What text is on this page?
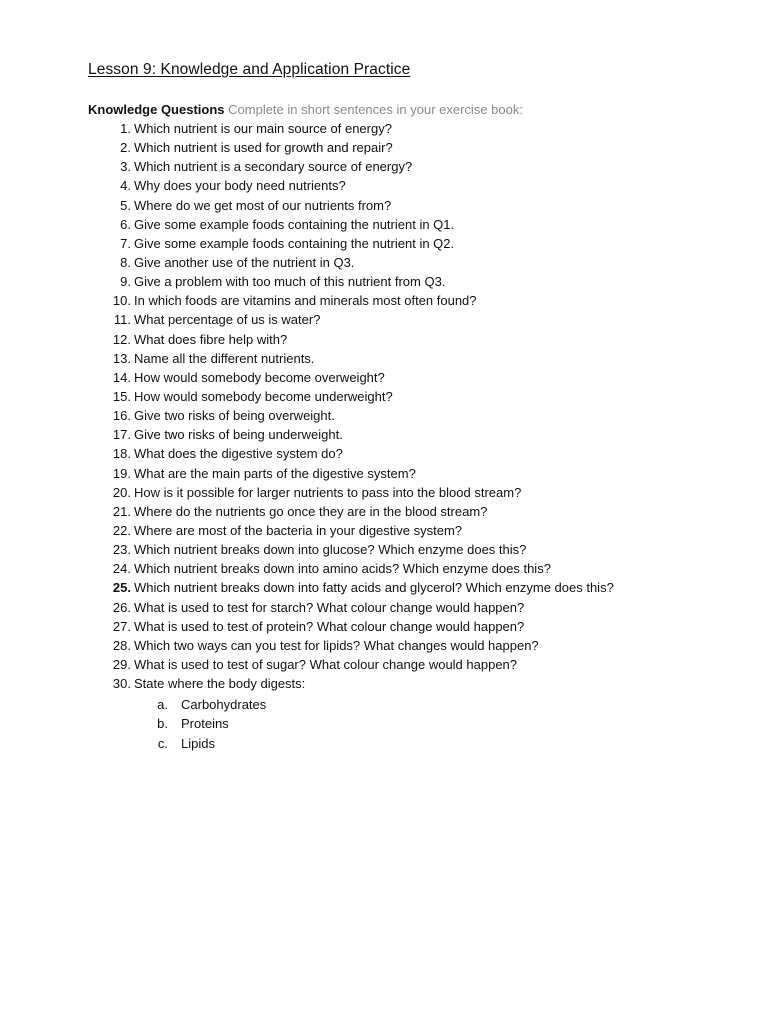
Lesson 9: Knowledge and Application Practice
Knowledge Questions Complete in short sentences in your exercise book:
1. Which nutrient is our main source of energy?
2. Which nutrient is used for growth and repair?
3. Which nutrient is a secondary source of energy?
4. Why does your body need nutrients?
5. Where do we get most of our nutrients from?
6. Give some example foods containing the nutrient in Q1.
7. Give some example foods containing the nutrient in Q2.
8. Give another use of the nutrient in Q3.
9. Give a problem with too much of this nutrient from Q3.
10. In which foods are vitamins and minerals most often found?
11. What percentage of us is water?
12. What does fibre help with?
13. Name all the different nutrients.
14. How would somebody become overweight?
15. How would somebody become underweight?
16. Give two risks of being overweight.
17. Give two risks of being underweight.
18. What does the digestive system do?
19. What are the main parts of the digestive system?
20. How is it possible for larger nutrients to pass into the blood stream?
21. Where do the nutrients go once they are in the blood stream?
22. Where are most of the bacteria in your digestive system?
23. Which nutrient breaks down into glucose? Which enzyme does this?
24. Which nutrient breaks down into amino acids? Which enzyme does this?
25. Which nutrient breaks down into fatty acids and glycerol? Which enzyme does this?
26. What is used to test for starch? What colour change would happen?
27. What is used to test of protein? What colour change would happen?
28. Which two ways can you test for lipids? What changes would happen?
29. What is used to test of sugar? What colour change would happen?
30. State where the body digests:
a. Carbohydrates
b. Proteins
c. Lipids
